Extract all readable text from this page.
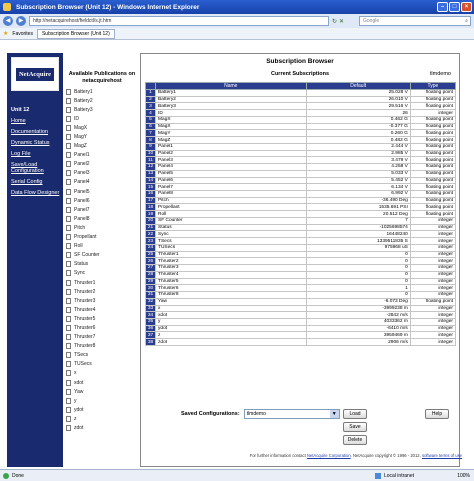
Subscription Browser (Unit 12) - Windows Internet Explorer	–	□	×
◀	▶	http://netacquirehost/fieldctl/s.jt.htm	↻ ✕	Google	⌕
★ Favorites	Subscription Browser (Unit 12)
NetAcquire
Unit 12
Home
Documentation
Dynamic Status
Log File
Save/Load Configuration
Serial Config
Data Flow Designer
Available Publications on netacquirehost
Battery1
Battery2
Battery3
ID
MagX
MagY
MagZ
Panel1
Panel2
Panel3
Panel4
Panel5
Panel6
Panel7
Panel8
Pitch
Propellant
Roll
SF Counter
Status
Sync
Thruster1
Thruster2
Thruster3
Thruster4
Thruster5
Thruster6
Thruster7
Thruster8
TSecs
TUSecs
x
xdot
Yaw
y
ydot
z
zdot
Subscription Browser
Current Subscriptions	tlmdemo
	Name	Default	Type
1	Battery1	25.028 V	floating point
2	Battery2	26.010 V	floating point
3	Battery3	29.516 V	floating point
4	ID	26	integer
5	MagX	0.462 G	floating point
6	MagX	-0.377 G	floating point
7	MagY	0.260 G	floating point
8	MagZ	0.482 G	floating point
9	Panel1	2.444 V	floating point
10	Panel2	2.985 V	floating point
11	Panel3	3.479 V	floating point
12	Panel4	4.258 V	floating point
13	Panel5	5.033 V	floating point
14	Panel6	5.452 V	floating point
15	Panel7	6.134 V	floating point
16	Panel8	6.992 V	floating point
17	Pitch	-36.490 Deg	floating point
18	Propellant	1535.691 PSI	floating point
19	Roll	20.512 Deg	floating point
20	SF Counter	7	integer
21	Status	-1025698574	integer
22	Sync	16448240	integer
23	TSecs	1339511835 S	integer
24	TUSecs	975968 uS	integer
25	Thruster1	0	integer
26	Thruster2	0	integer
27	Thruster3	0	integer
28	Thruster4	0	integer
29	Thruster5	0	integer
30	Thruster6	1	integer
31	Thruster8	0	integer
32	Yaw	-6.073 Deg	floating point
33	x	-3999238 m	integer
34	xdot	-2842 m/s	integer
35	y	4033362 m	integer
36	ydot	-6410 m/s	integer
37	z	3959469 m	integer
38	zdot	2906 m/s	integer
Saved Configurations:	tlmdemo	▼	Load
Save
Delete
Help
For further information contact NetAcquire Corporation. NetAcquire copyright © 1996 - 2012, software terms of use
Done	Local intranet	100%
